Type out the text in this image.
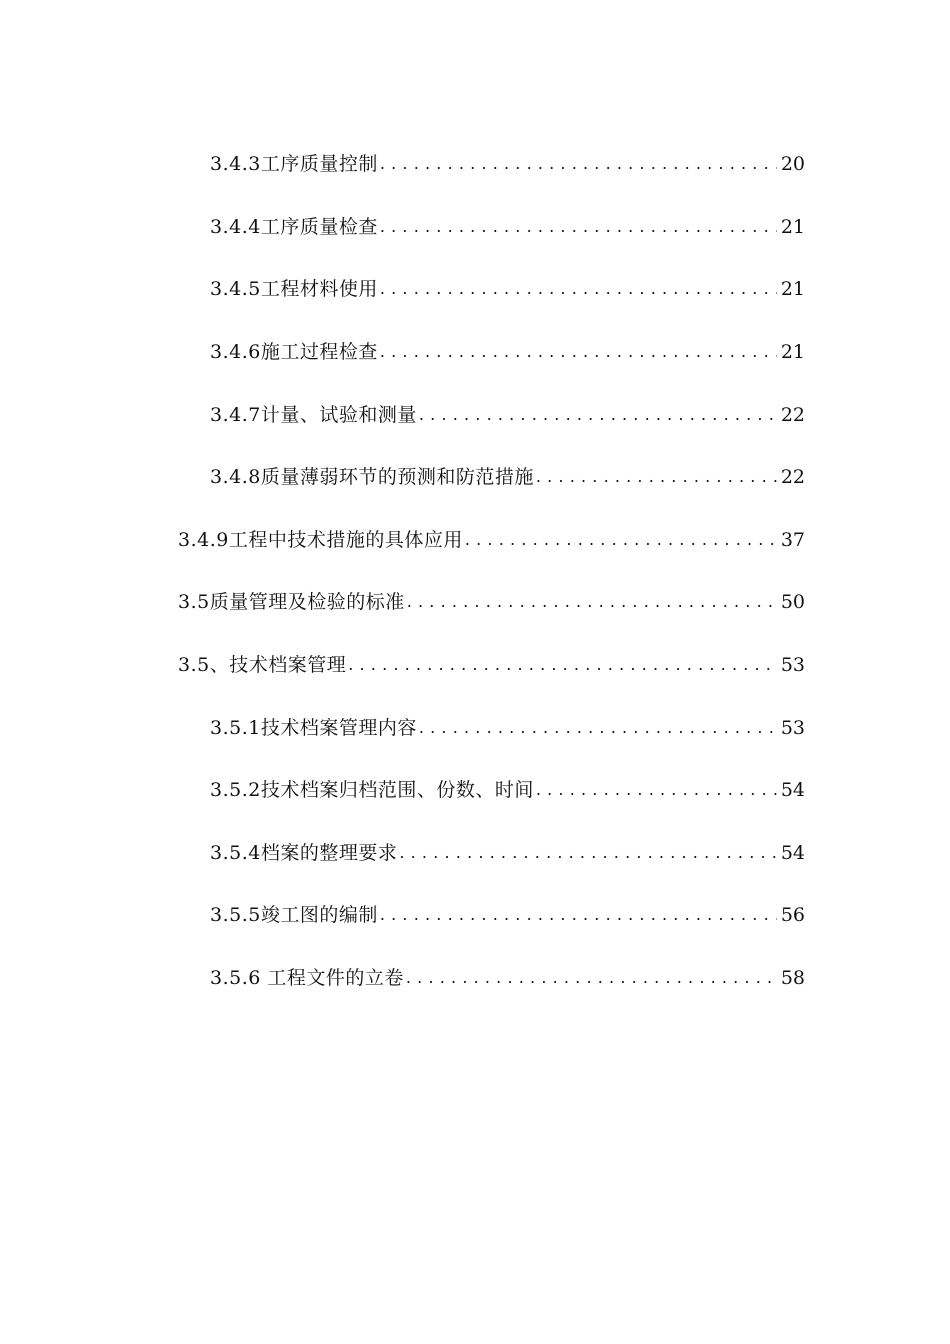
3.4.3工序质量控制 .....	20
3.4.4工序质量检查 .....	21
3.4.5工程材料使用 .....	21
3.4.6施工过程检查 .....	21
3.4.7计量、试验和测量 .....	22
3.4.8质量薄弱环节的预测和防范措施 .....	22
3.4.9工程中技术措施的具体应用 .....	37
3.5质量管理及检验的标准 .....	50
3.5、技术档案管理 .....	53
3.5.1技术档案管理内容 .....	53
3.5.2技术档案归档范围、份数、时间 .....	54
3.5.4档案的整理要求 .....	54
3.5.5竣工图的编制 .....	56
3.5.6 工程文件的立卷 .....	58
